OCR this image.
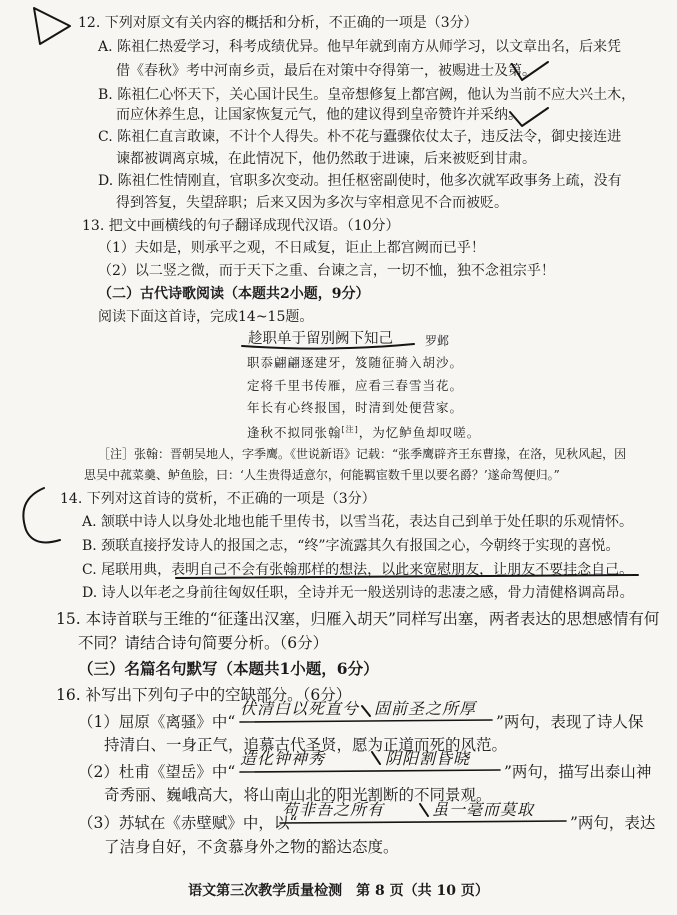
12. 下列对原文有关内容的概括和分析，不正确的一项是（3分）
A. 陈祖仁热爱学习，科考成绩优异。他早年就到南方从师学习，以文章出名，后来凭
借《春秋》考中河南乡贡，最后在对策中夺得第一，被赐进士及第。
B. 陈祖仁心怀天下，关心国计民生。皇帝想修复上都宫阙，他认为当前不应大兴土木，
而应休养生息，让国家恢复元气，他的建议得到皇帝赞许并采纳。
C. 陈祖仁直言敢谏，不计个人得失。朴不花与蠹骤依仗太子，违反法令，御史接连进
谏都被调离京城，在此情况下，他仍然敢于进谏，后来被贬到甘肃。
D. 陈祖仁性情刚直，官职多次变动。担任枢密副使时，他多次就军政事务上疏，没有
得到答复，失望辞职；后来又因为多次与宰相意见不合而被贬。
13. 把文中画横线的句子翻译成现代汉语。（10分）
（1）夫如是，则承平之观，不日咸复，讵止上都宫阙而已乎！
（2）以二竖之微，而于天下之重、台谏之言，一切不恤，独不念祖宗乎！
（二）古代诗歌阅读（本题共2小题，9分）
阅读下面这首诗，完成14~15题。
趁职单于留别阙下知己	罗邺
职忝翩翩逐建牙，笈随征骑入胡沙。
定将千里书传雁，应看三春雪当花。
年长有心终报国，时清到处便营家。
逢秋不拟同张翰[注]，为忆鲈鱼却叹嗟。
［注］张翰：晋朝吴地人，字季鹰。《世说新语》记载：“张季鹰辟齐王东曹掾，在洛，见秋风起，因
思吴中菰菜羹、鲈鱼脍，曰：‘人生贵得适意尔，何能羁宦数千里以要名爵？’遂命驾便归。”
14. 下列对这首诗的赏析，不正确的一项是（3分）
A. 颔联中诗人以身处北地也能千里传书，以雪当花，表达自己到单于处任职的乐观情怀。
B. 颈联直接抒发诗人的报国之志，“终”字流露其久有报国之心，今朝终于实现的喜悦。
C. 尾联用典，表明自己不会有张翰那样的想法，以此来宽慰朋友，让朋友不要挂念自己。
D. 诗人以年老之身前往匈奴任职，全诗并无一般送别诗的悲凄之感，骨力清健格调高昂。
15. 本诗首联与王维的“征蓬出汉塞，归雁入胡天”同样写出塞，两者表达的思想感情有何
不同？请结合诗句简要分析。（6分）
（三）名篇名句默写（本题共1小题，6分）
16. 补写出下列句子中的空缺部分。（6分）
（1）屈原《离骚》中“
伏清白以死直兮 固前圣之所厚
”两句，表现了诗人保
持清白、一身正气，追慕古代圣贤，愿为正道而死的风范。
（2）杜甫《望岳》中“
造化钟神秀	阴阳割昏晓
”两句，描写出泰山神
奇秀丽、巍峨高大，将山南山北的阳光割断的不同景观。
（3）苏轼在《赤壁赋》中，以“
苟非吾之所有	虽一毫而莫取
”两句，表达
了洁身自好，不贪慕身外之物的豁达态度。
语文第三次教学质量检测　第 8 页（共 10 页）
